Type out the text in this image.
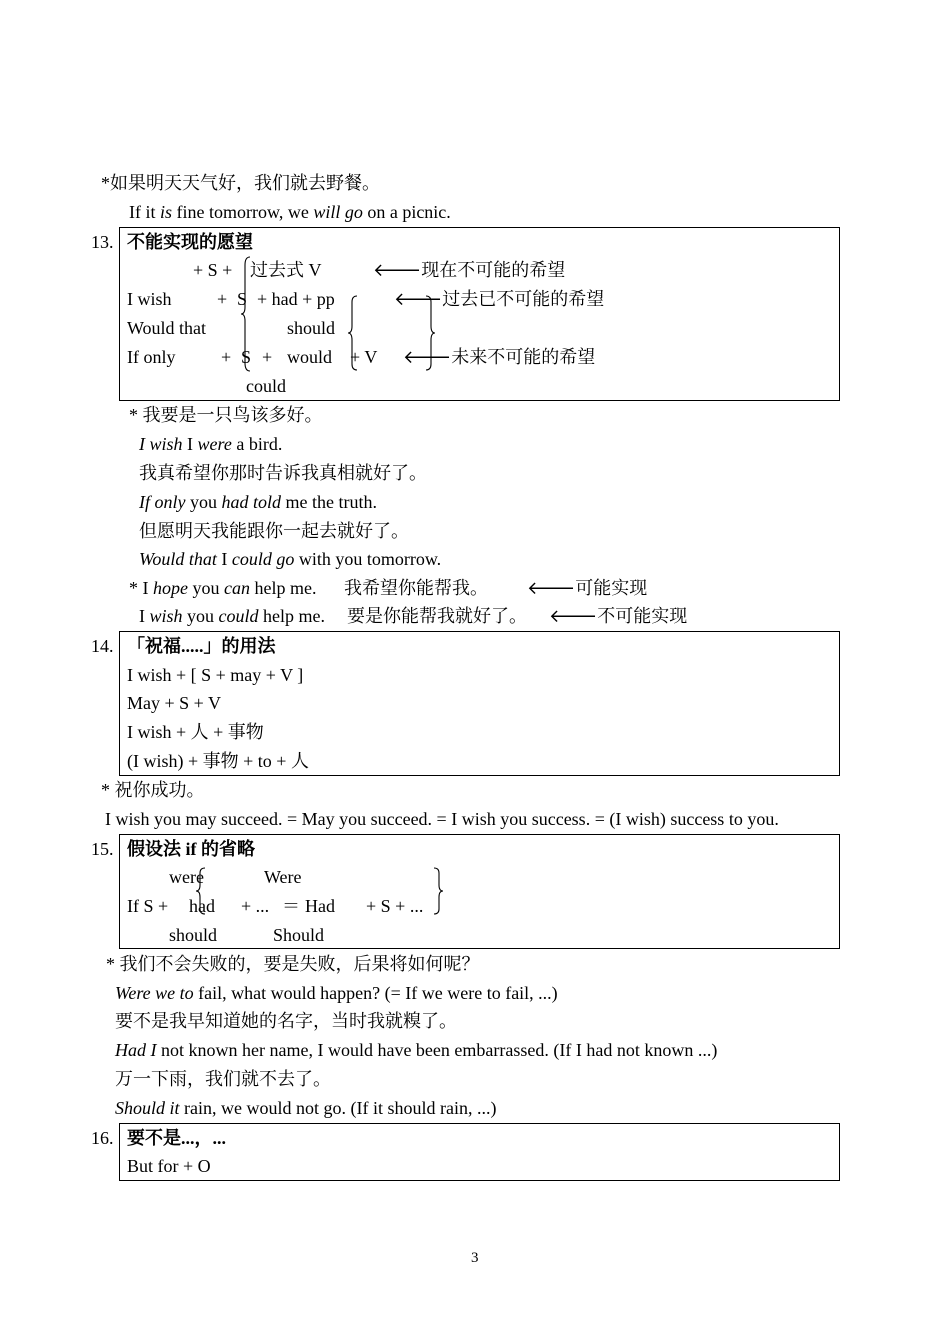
*如果明天天气好，我们就去野餐。
If it is fine tomorrow, we will go on a picnic.
13. 不能实现的愿望
+ S + 过去式 V	🡐现在不可能的希望
I wish	+ S + had + pp	🡐过去已不可能的希望
Would that	should
If only	+ S + would + V 🡐未来不可能的希望
could
* 我要是一只鸟该多好。
I wish I were a bird.
我真希望你那时告诉我真相就好了。
If only you had told me the truth.
但愿明天我能跟你一起去就好了。
Would that I could go with you tomorrow.
* I hope you can help me. 我希望你能帮我。 🡐可能实现
I wish you could help me. 要是你能帮我就好了。 🡐不可能实现
14. 「祝福.....」的用法
I wish + [ S + may + V ]
May + S + V
I wish + 人 + 事物
(I wish) + 事物 + to + 人
* 祝你成功。
I wish you may succeed. = May you succeed. = I wish you success. = (I wish) success to you.
15. 假设法 if 的省略
were	Were
If S + had + ... ＝ Had + S + ...
should	Should
* 我们不会失败的，要是失败，后果将如何呢？
Were we to fail, what would happen? (= If we were to fail, ...)
要不是我早知道她的名字，当时我就糗了。
Had I not known her name, I would have been embarrassed. (If I had not known ...)
万一下雨，我们就不去了。
Should it rain, we would not go. (If it should rain, ...)
16. 要不是...，...
But for + O
3
